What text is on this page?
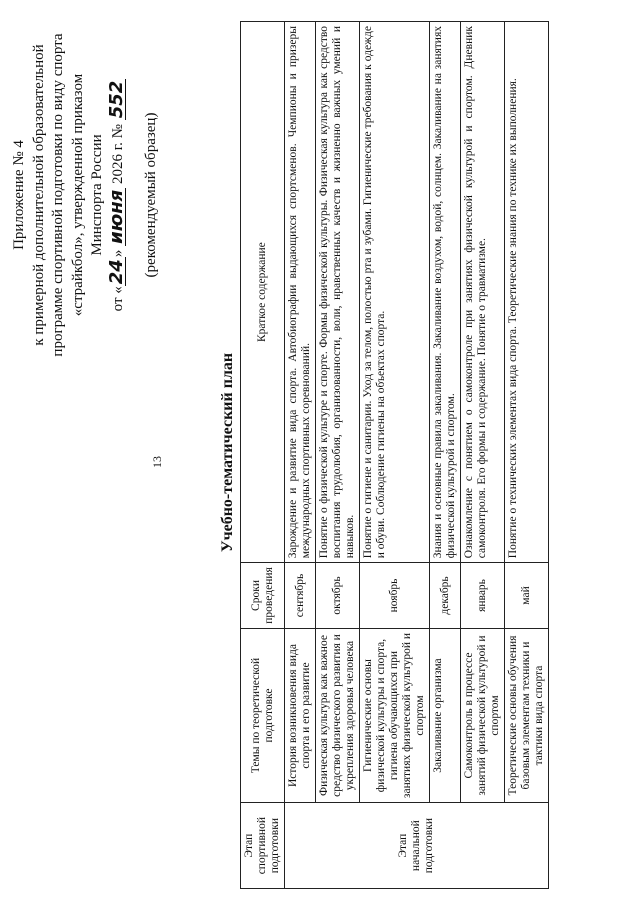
13
Приложение № 4 к примерной дополнительной образовательной программе спортивной подготовки по виду спорта «страйкбол», утвержденной приказом Минспорта России
от «24» июня 2026 г. № 552
(рекомендуемый образец)
Учебно-тематический план
Этап спортивной подготовки	Темы по теоретической подготовке	Сроки проведения	Краткое содержание
Этап начальной подготовки	История возникновения вида спорта и его развитие	сентябрь	Зарождение и развитие вида спорта. Автобиографии выдающихся спортсменов. Чемпионы и призеры международных спортивных соревнований.
	Физическая культура как важное средство физического развития и укрепления здоровья человека	октябрь	Понятие о физической культуре и спорте. Формы физической культуры. Физическая культура как средство воспитания трудолюбия, организованности, воли, нравственных качеств и жизненно важных умений и навыков.
	Гигиенические основы физической культуры и спорта, гигиена обучающихся при занятиях физической культурой и спортом	ноябрь	Понятие о гигиене и санитарии. Уход за телом, полостью рта и зубами. Гигиенические требования к одежде и обуви. Соблюдение гигиены на объектах спорта.
	Закаливание организма	декабрь	Знания и основные правила закаливания. Закаливание воздухом, водой, солнцем. Закаливание на занятиях физической культурой и спортом.
	Самоконтроль в процессе занятий физической культурой и спортом	январь	Ознакомление с понятием о самоконтроле при занятиях физической культурой и спортом. Дневник самоконтроля. Его формы и содержание. Понятие о травматизме.
	Теоретические основы обучения базовым элементам техники и тактики вида спорта	май	Понятие о технических элементах вида спорта. Теоретические знания по технике их выполнения.
